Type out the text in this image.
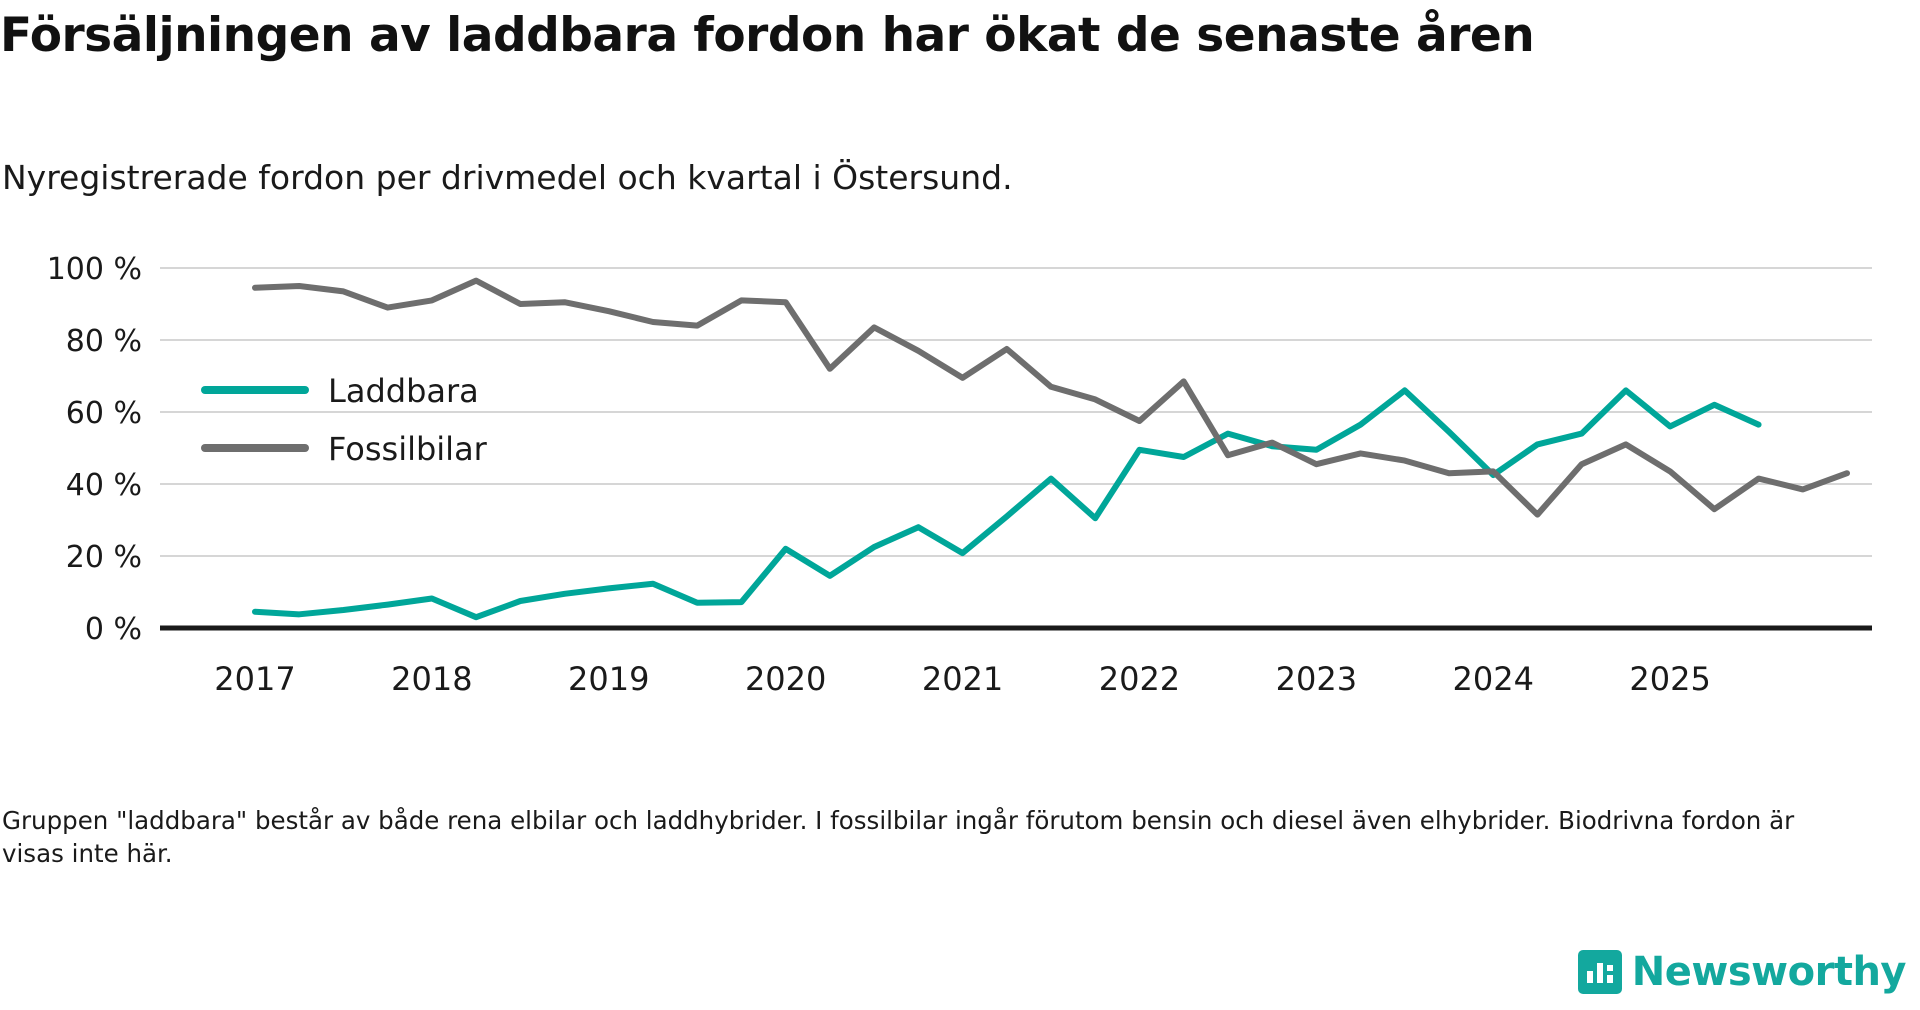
Försäljningen av laddbara fordon har ökat de senaste åren
Nyregistrerade fordon per drivmedel och kvartal i Östersund.
0 %
20 %
40 %
60 %
80 %
100 %
2017	2018	2019	2020	2021	2022	2023	2024	2025
Laddbara
Fossilbilar
Gruppen "laddbara" består av både rena elbilar och laddhybrider. I fossilbilar ingår förutom bensin och diesel även elhybrider. Biodrivna fordon är visas inte här.
Newsworthy
